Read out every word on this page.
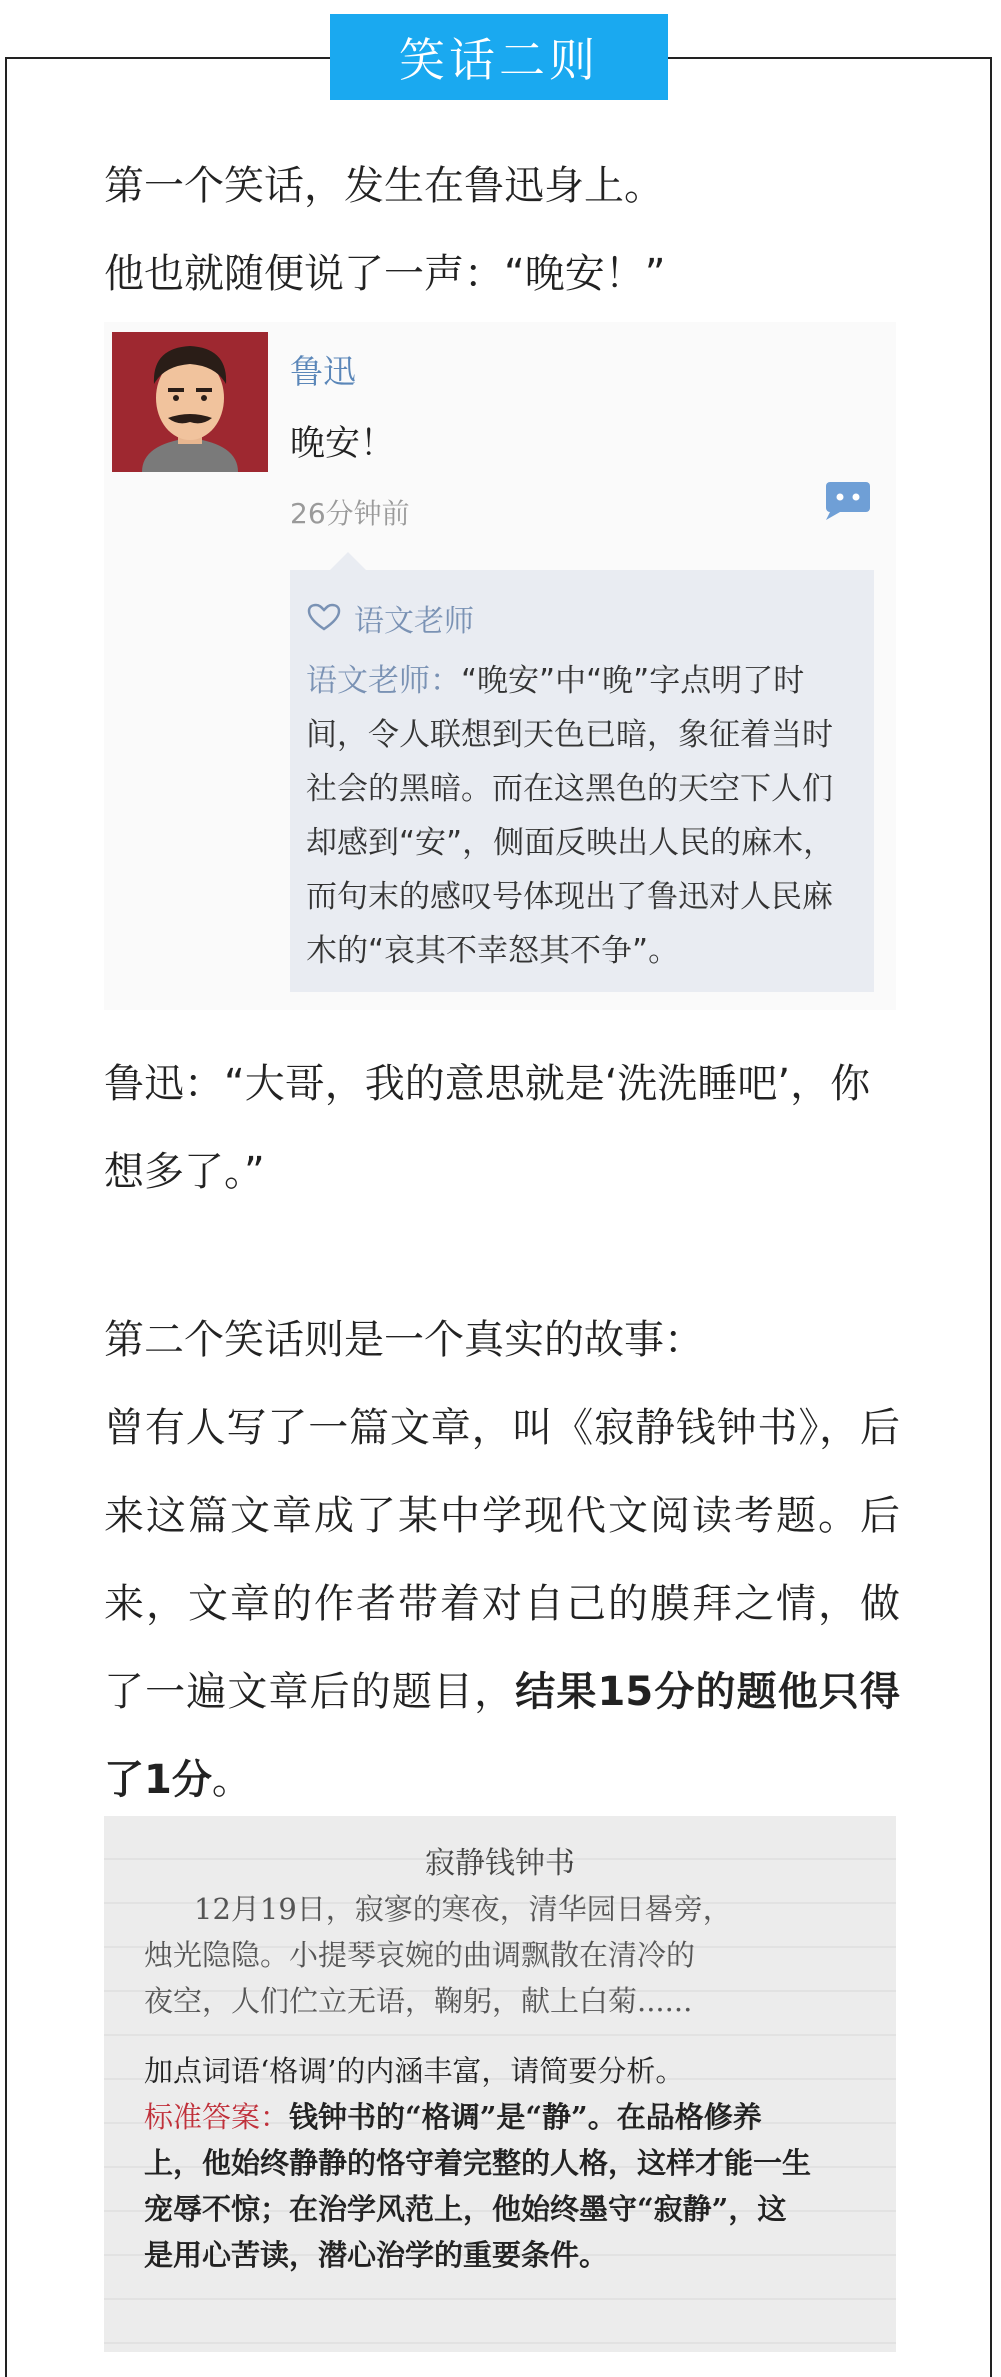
笑话二则
第一个笑话，发生在鲁迅身上。
他也就随便说了一声：“晚安！”
鲁迅
晚安！
26分钟前
语文老师
语文老师：“晚安”中“晚”字点明了时间，令人联想到天色已暗，象征着当时社会的黑暗。而在这黑色的天空下人们却感到“安”，侧面反映出人民的麻木，而句末的感叹号体现出了鲁迅对人民麻木的“哀其不幸怒其不争”。
鲁迅：“大哥，我的意思就是‘洗洗睡吧’，你想多了。”
第二个笑话则是一个真实的故事：
曾有人写了一篇文章，叫《寂静钱钟书》，后来这篇文章成了某中学现代文阅读考题。后来，文章的作者带着对自己的膜拜之情，做了一遍文章后的题目，结果15分的题他只得了1分。
寂静钱钟书
12月19日，寂寥的寒夜，清华园日晷旁，
烛光隐隐。小提琴哀婉的曲调飘散在清冷的
夜空，人们伫立无语，鞠躬，献上白菊......
加点词语‘格调’的内涵丰富，请简要分析。
标准答案：钱钟书的“格调”是“静”。在品格修养
上，他始终静静的恪守着完整的人格，这样才能一生
宠辱不惊；在治学风范上，他始终墨守“寂静”，这
是用心苦读，潜心治学的重要条件。
